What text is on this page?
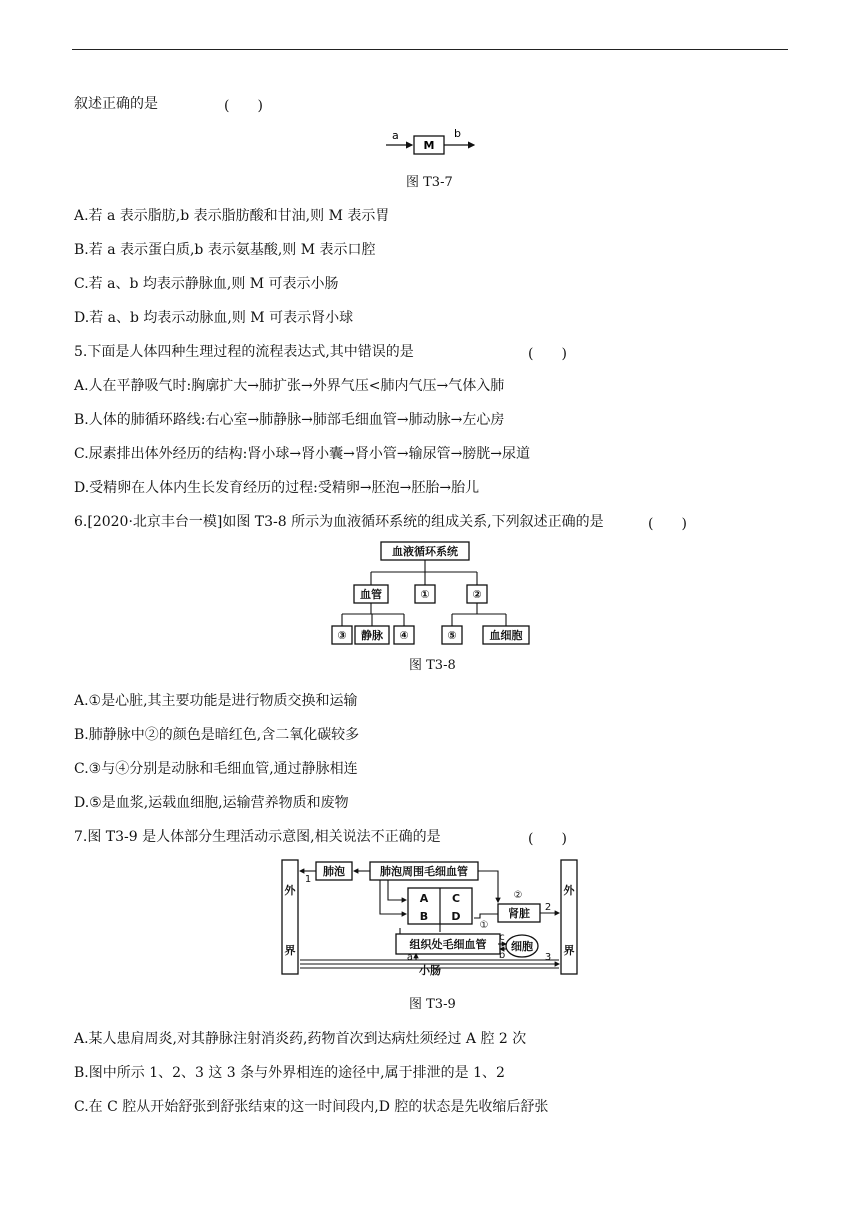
叙述正确的是	(　　)
a	b
M
图 T3-7
A.若 a 表示脂肪,b 表示脂肪酸和甘油,则 M 表示胃
B.若 a 表示蛋白质,b 表示氨基酸,则 M 表示口腔
C.若 a、b 均表示静脉血,则 M 可表示小肠
D.若 a、b 均表示动脉血,则 M 可表示肾小球
5.下面是人体四种生理过程的流程表达式,其中错误的是	(　　)
A.人在平静吸气时:胸廓扩大→肺扩张→外界气压<肺内气压→气体入肺
B.人体的肺循环路线:右心室→肺静脉→肺部毛细血管→肺动脉→左心房
C.尿素排出体外经历的结构:肾小球→肾小囊→肾小管→输尿管→膀胱→尿道
D.受精卵在人体内生长发育经历的过程:受精卵→胚泡→胚胎→胎儿
6.[2020·北京丰台一模]如图 T3-8 所示为血液循环系统的组成关系,下列叙述正确的是	(　　)
血液循环系统
血管	①	②
③ 静脉 ④	⑤	血细胞
图 T3-8
A.①是心脏,其主要功能是进行物质交换和运输
B.肺静脉中②的颜色是暗红色,含二氧化碳较多
C.③与④分别是动脉和毛细血管,通过静脉相连
D.⑤是血浆,运载血细胞,运输营养物质和废物
7.图 T3-9 是人体部分生理活动示意图,相关说法不正确的是	(　　)
外
界
外
界
肺泡	肺泡周围毛细血管
A
B
C
D	肾脏
组织处毛细血管 细胞
小肠
1
2
3
①
②
a	b
c
图 T3-9
A.某人患肩周炎,对其静脉注射消炎药,药物首次到达病灶须经过 A 腔 2 次
B.图中所示 1、2、3 这 3 条与外界相连的途径中,属于排泄的是 1、2
C.在 C 腔从开始舒张到舒张结束的这一时间段内,D 腔的状态是先收缩后舒张
